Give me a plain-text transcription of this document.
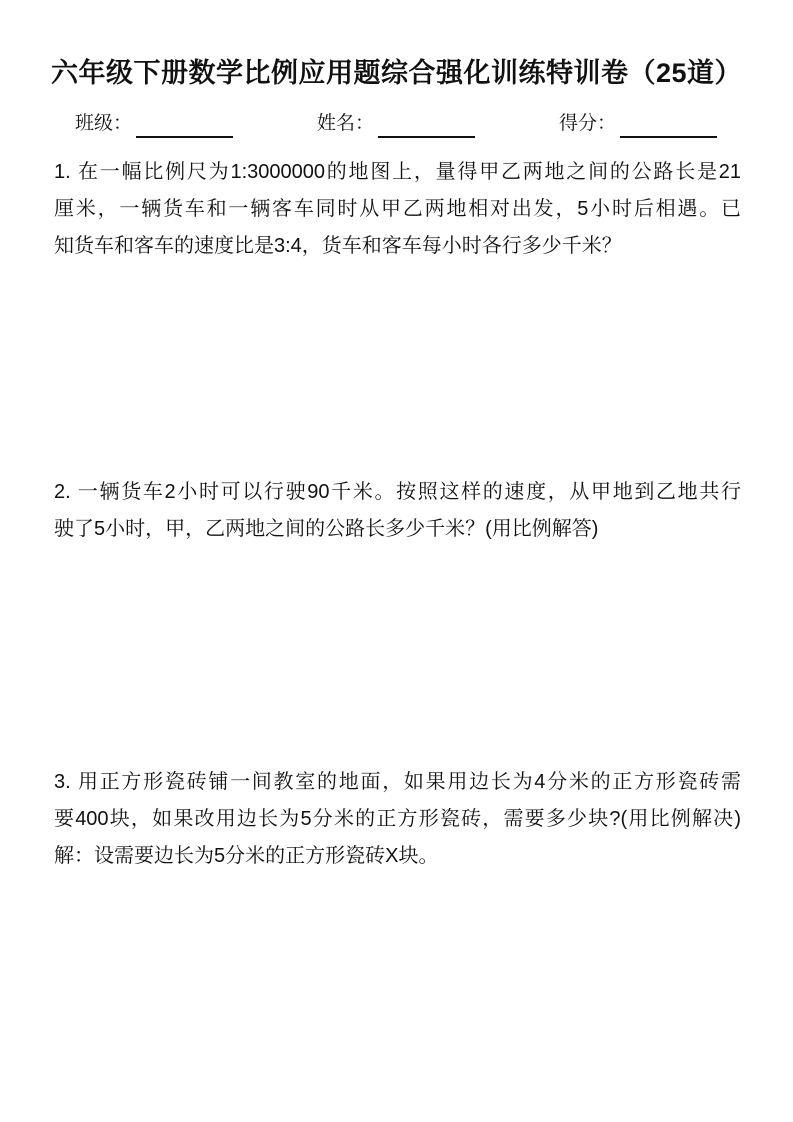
六年级下册数学比例应用题综合强化训练特训卷（25道）
班级：	姓名：	得分：
1. 在一幅比例尺为1:3000000的地图上，量得甲乙两地之间的公路长是21
厘米，一辆货车和一辆客车同时从甲乙两地相对出发，5小时后相遇。已
知货车和客车的速度比是3:4，货车和客车每小时各行多少千米？
2. 一辆货车2小时可以行驶90千米。按照这样的速度，从甲地到乙地共行
驶了5小时，甲，乙两地之间的公路长多少千米？(用比例解答)
3. 用正方形瓷砖铺一间教室的地面，如果用边长为4分米的正方形瓷砖需
要400块，如果改用边长为5分米的正方形瓷砖，需要多少块?(用比例解决)
解：设需要边长为5分米的正方形瓷砖X块。
